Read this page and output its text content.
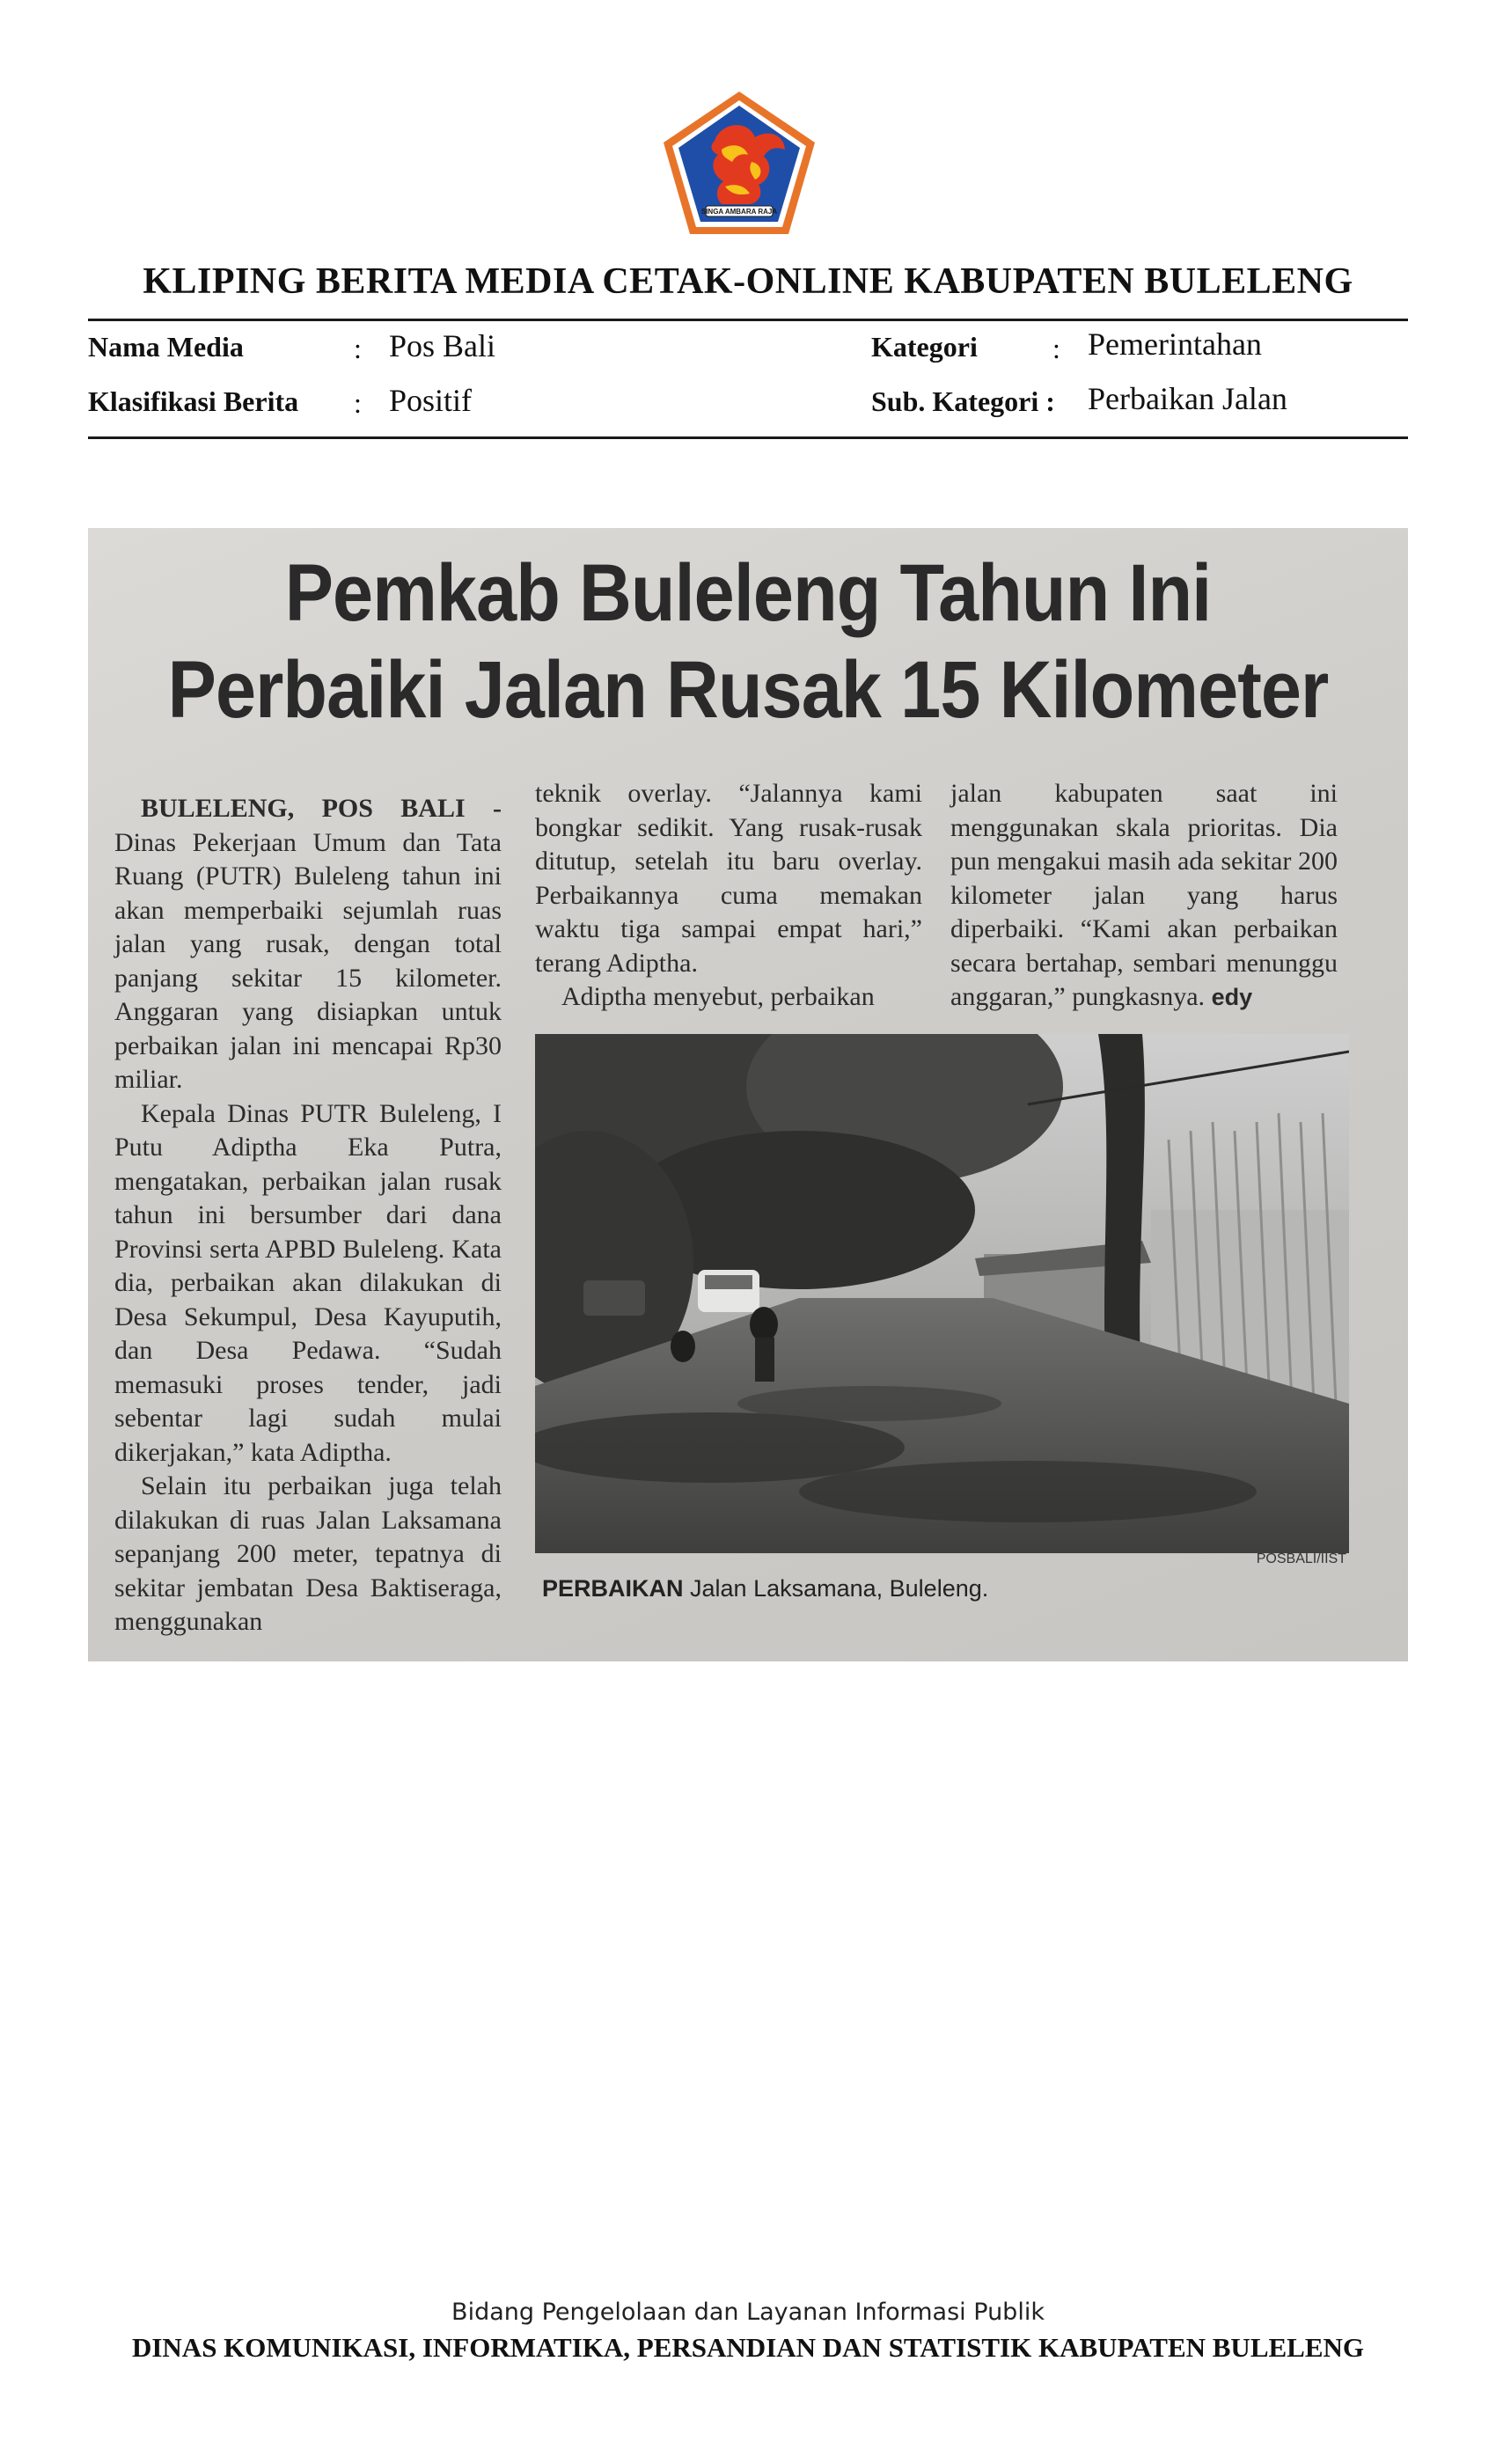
SINGA AMBARA RAJA
KLIPING BERITA MEDIA CETAK-ONLINE KABUPATEN BULELENG
Nama Media	: Pos Bali
Klasifikasi Berita : Positif
Kategori	: Pemerintahan
Sub. Kategori : Perbaikan Jalan
Pemkab Buleleng Tahun Ini
Perbaiki Jalan Rusak 15 Kilometer

BULELENG, POS BALI - Dinas Pekerjaan Umum dan Tata Ruang (PUTR) Buleleng tahun ini akan memperbaiki sejumlah ruas jalan yang rusak, dengan total panjang sekitar 15 kilometer. Anggaran yang disiapkan untuk perbaikan jalan ini mencapai Rp30 miliar.

Kepala Dinas PUTR Buleleng, I Putu Adiptha Eka Putra, mengatakan, perbaikan jalan rusak tahun ini bersumber dari dana Provinsi serta APBD Buleleng. Kata dia, perbaikan akan dilakukan di Desa Sekumpul, Desa Kayuputih, dan Desa Pedawa. “Sudah memasuki proses tender, jadi sebentar lagi sudah mulai dikerjakan,” kata Adiptha.

Selain itu perbaikan juga telah dilakukan di ruas Jalan Laksamana sepanjang 200 meter, tepatnya di sekitar jembatan Desa Baktiseraga, menggunakan

teknik overlay. “Jalannya kami bongkar sedikit. Yang rusak-rusak ditutup, setelah itu baru overlay. Perbaikannya cuma memakan waktu tiga sampai empat hari,” terang Adiptha.

Adiptha menyebut, perbaikan

jalan kabupaten saat ini menggunakan skala prioritas. Dia pun mengakui masih ada sekitar 200 kilometer jalan yang harus diperbaiki. “Kami akan perbaikan secara bertahap, sembari menunggu anggaran,” pungkasnya. edy

POSBALI/IIST
PERBAIKAN Jalan Laksamana, Buleleng.
Bidang Pengelolaan dan Layanan Informasi Publik
DINAS KOMUNIKASI, INFORMATIKA, PERSANDIAN DAN STATISTIK KABUPATEN BULELENG
